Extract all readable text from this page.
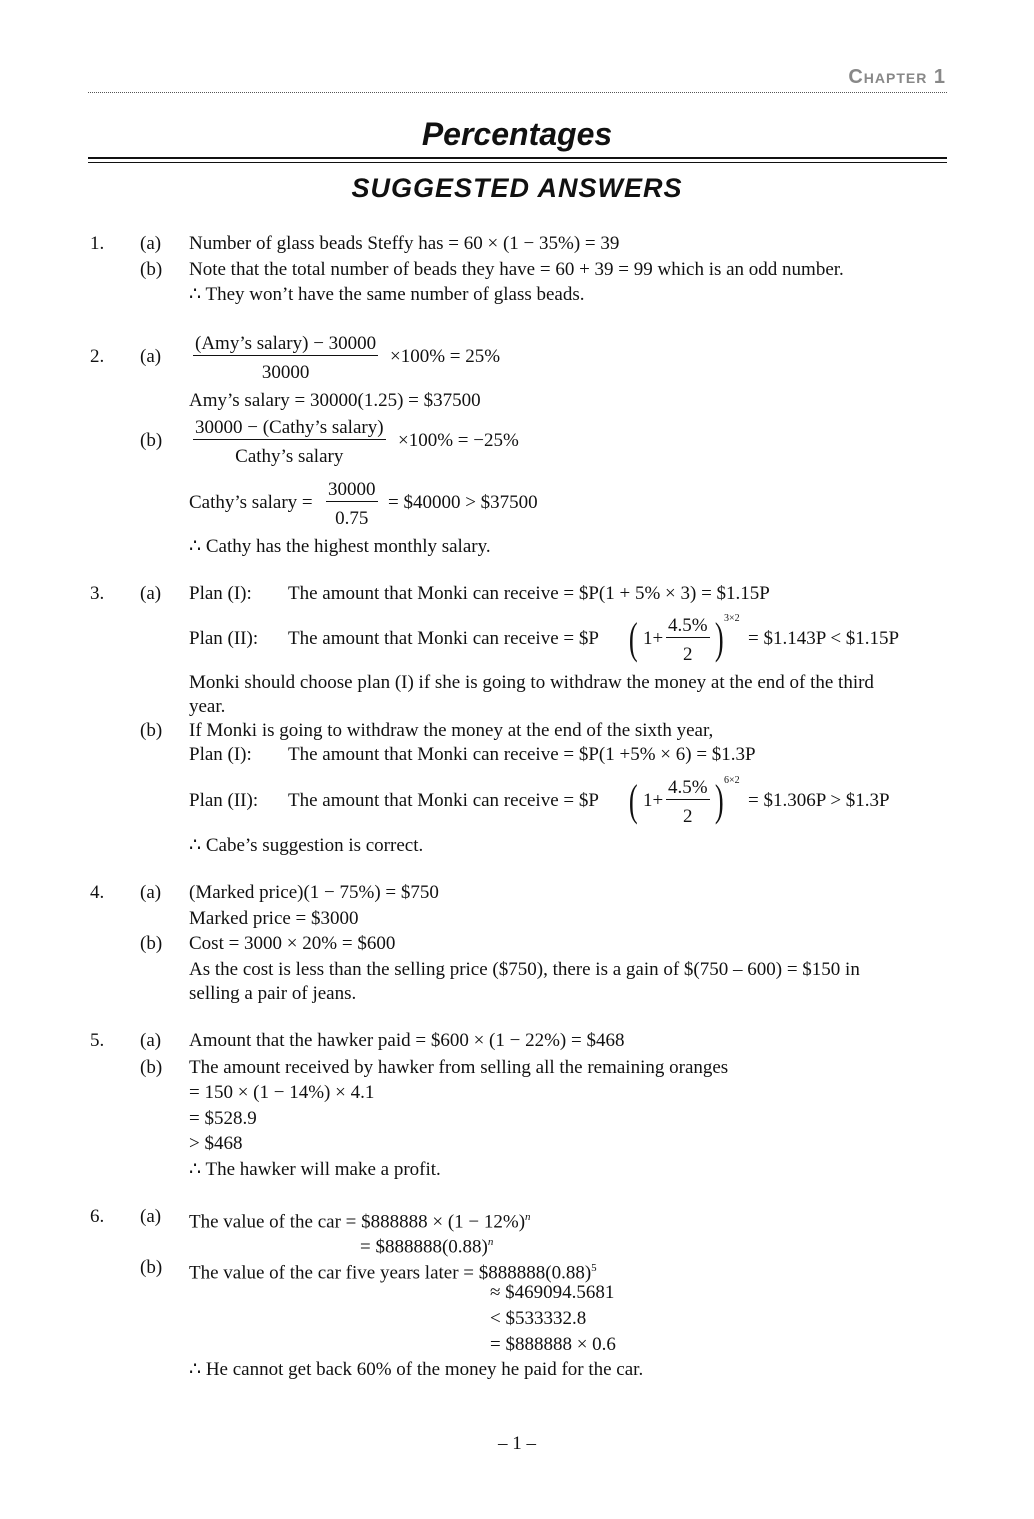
Chapter 1
Percentages
SUGGESTED ANSWERS
1. (a) Number of glass beads Steffy has = 60 × (1 − 35%) = 39
(b) Note that the total number of beads they have = 60 + 39 = 99 which is an odd number.
∴ They won’t have the same number of glass beads.
2. (a)
(Amy’s salary) − 30000
30000
×100% = 25%
Amy’s salary = 30000(1.25) = $37500
(b)
30000 − (Cathy’s salary)
Cathy’s salary
×100% = −25%
Cathy’s salary = $\frac{30000}{0.75}$ = $40000 > $37500
∴ Cathy has the highest monthly salary.
3. (a) Plan (I): The amount that Monki can receive = $P(1 + 5% × 3) = $1.15P
Plan (II): The amount that Monki can receive = $P ( $1+ \frac{4.5\%}{2}$ ) 3×2
= $1.143P < $1.15P
Monki should choose plan (I) if she is going to withdraw the money at the end of the third
year.
(b) If Monki is going to withdraw the money at the end of the sixth year,
Plan (I): The amount that Monki can receive = $P(1 +5% × 6) = $1.3P
Plan (II): The amount that Monki can receive = $P ( $1+ \frac{4.5\%}{2}$ ) 6×2
= $1.306P > $1.3P
∴ Cabe’s suggestion is correct.
4. (a) (Marked price)(1 − 75%) = $750
Marked price = $3000
(b) Cost = 3000 × 20% = $600
As the cost is less than the selling price ($750), there is a gain of $(750 – 600) = $150 in
selling a pair of jeans.
5. (a) Amount that the hawker paid = $600 × (1 − 22%) = $468
(b) The amount received by hawker from selling all the remaining oranges
= 150 × (1 − 14%) × 4.1
= $528.9
> $468
∴ The hawker will make a profit.
6. (a) The value of the car = $888888 × $(1 - 12\%)^n$
= $\$888888(0.88)^n$
(b) The value of the car five years later = $\$888888(0.88)^5$
≈ $469094.5681
< $533332.8
= $888888 × 0.6
∴ He cannot get back 60% of the money he paid for the car.
– 1 –
